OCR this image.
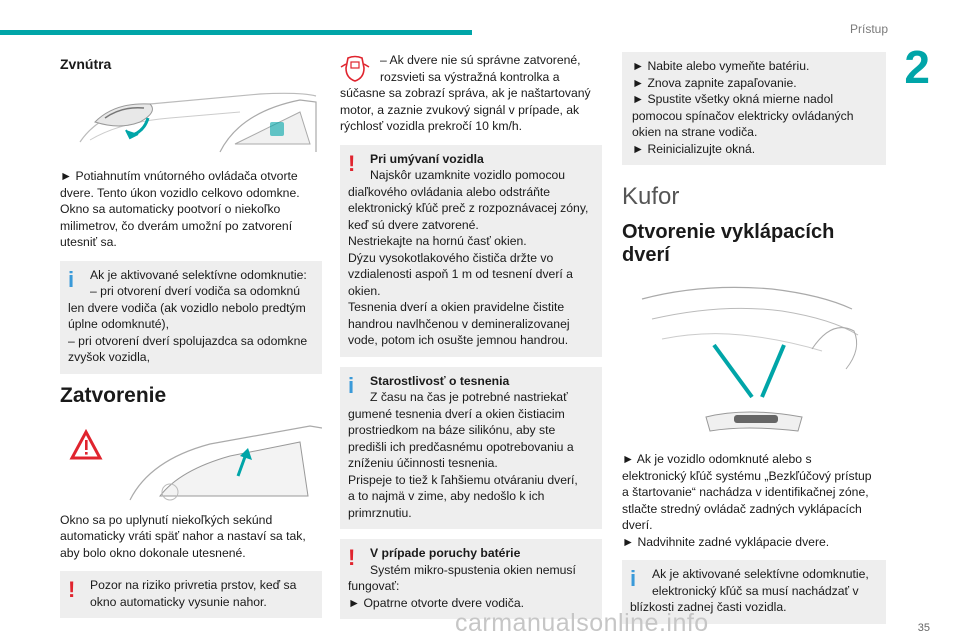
Prístup
2
Zvnútra

► Potiahnutím vnútorného ovládača otvorte
dvere. Tento úkon vozidlo celkovo odomkne.
Okno sa automaticky pootvorí o niekoľko
milimetrov, čo dverám umožní po zatvorení
utesniť sa.

i	Ak je aktivované selektívne odomknutie:
– pri otvorení dverí vodiča sa odomknú
len dvere vodiča (ak vozidlo nebolo predtým
úplne odomknuté),
– pri otvorení dverí spolujazdca sa odomkne
zvyšok vozidla,
Zatvorenie

Okno sa po uplynutí niekoľkých sekúnd
automaticky vráti späť nahor a nastaví sa tak,
aby bolo okno dokonale utesnené.

!	Pozor na riziko privretia prstov, keď sa
okno automaticky vysunie nahor.
– Ak dvere nie sú správne zatvorené,
rozsvieti sa výstražná kontrolka a

súčasne sa zobrazí správa, ak je naštartovaný
motor, a zaznie zvukový signál v prípade, ak
rýchlosť vozidla prekročí 10 km/h.

!	Pri umývaní vozidla
Najskôr uzamknite vozidlo pomocou
diaľkového ovládania alebo odstráňte
elektronický kľúč preč z rozpoznávacej zóny,
keď sú dvere zatvorené.
Nestriekajte na hornú časť okien.
Dýzu vysokotlakového čističa držte vo
vzdialenosti aspoň 1 m od tesnení dverí a
okien.
Tesnenia dverí a okien pravidelne čistite
handrou navlhčenou v demineralizovanej
vode, potom ich osušte jemnou handrou.
i	Starostlivosť o tesnenia
Z času na čas je potrebné nastriekať
gumené tesnenia dverí a okien čistiacim
prostriedkom na báze silikónu, aby ste
predišli ich predčasnému opotrebovaniu a
zníženiu účinnosti tesnenia.
Prispeje to tiež k ľahšiemu otváraniu dverí,
a to najmä v zime, aby nedošlo k ich
primrznutiu.
!	V prípade poruchy batérie
Systém mikro-spustenia okien nemusí
fungovať:
► Opatrne otvorte dvere vodiča.
► Nabite alebo vymeňte batériu.
► Znova zapnite zapaľovanie.
► Spustite všetky okná mierne nadol
pomocou spínačov elektricky ovládaných
okien na strane vodiča.
► Reinicializujte okná.
Kufor
Otvorenie vyklápacích dverí

► Ak je vozidlo odomknuté alebo s
elektronický kľúč systému „Bezkľúčový prístup
a štartovanie“ nachádza v identifikačnej zóne,
stlačte stredný ovládač zadných vyklápacích
dverí.
► Nadvihnite zadné vyklápacie dvere.

i	Ak je aktivované selektívne odomknutie,
elektronický kľúč sa musí nachádzať v
blízkosti zadnej časti vozidla.
carmanualsonline.info	35
